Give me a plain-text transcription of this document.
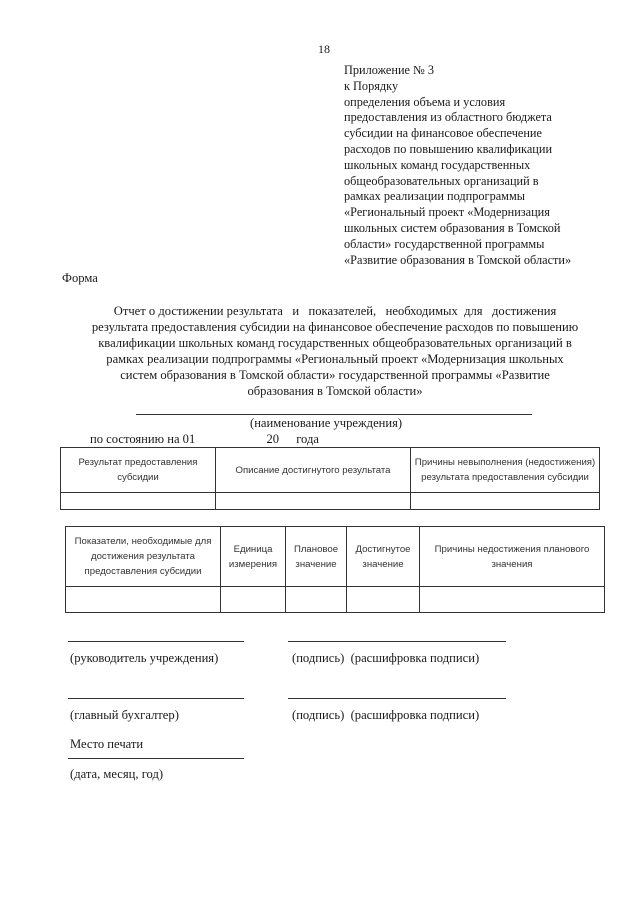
18
Приложение № 3
к Порядку
определения объема и условия
предоставления из областного бюджета
субсидии на финансовое обеспечение
расходов по повышению квалификации
школьных команд государственных
общеобразовательных организаций в
рамках реализации подпрограммы
«Региональный проект «Модернизация
школьных систем образования в Томской
области» государственной программы
«Развитие образования в Томской области»
Форма
Отчет о достижении результата   и   показателей,   необходимых  для   достижения
результата предоставления субсидии на финансовое обеспечение расходов по повышению
квалификации школьных команд государственных общеобразовательных организаций в
рамках реализации подпрограммы «Региональный проект «Модернизация школьных
систем образования в Томской области» государственной программы «Развитие
образования в Томской области»
(наименование учреждения)
по состоянию на 01	20 года
Результат предоставления субсидии	Описание достигнутого результата	Причины невыполнения (недостижения) результата предоставления субсидии

Показатели, необходимые для достижения результата предоставления субсидии	Единица измерения	Плановое значение	Достигнутое значение	Причины недостижения планового значения

(руководитель учреждения)	(подпись)  (расшифровка подписи)
(главный бухгалтер)	(подпись)  (расшифровка подписи)
Место печати
(дата, месяц, год)
